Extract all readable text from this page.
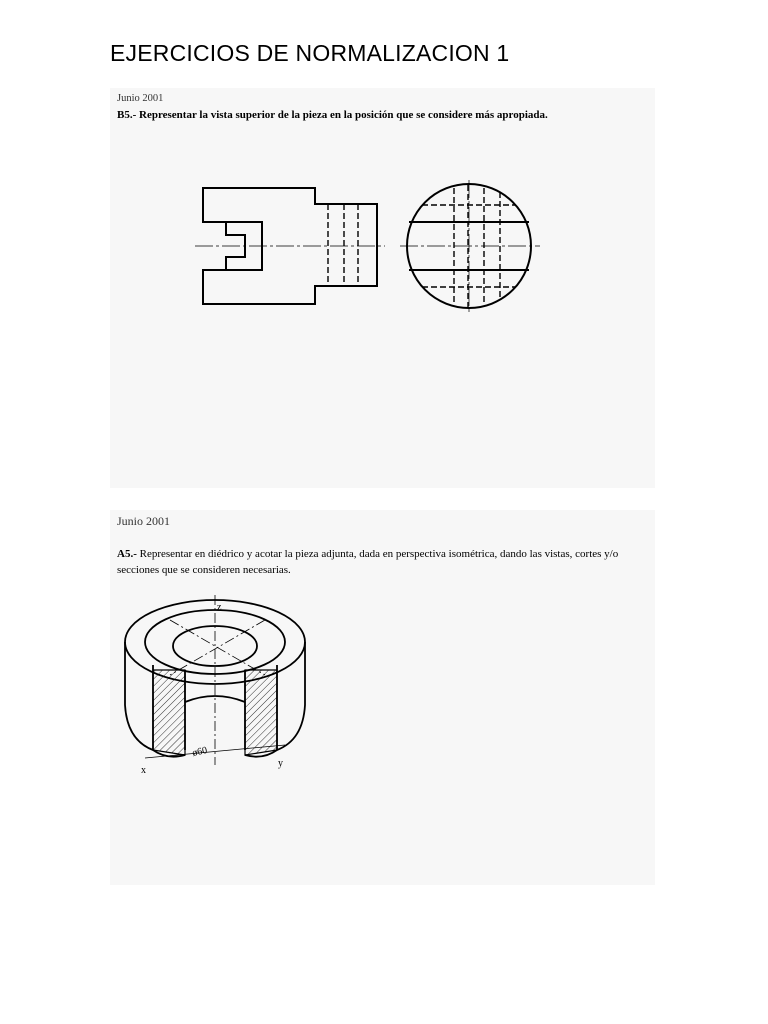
EJERCICIOS DE NORMALIZACION 1
Junio 2001
B5.- Representar la vista superior de la pieza en la posición que se considere más apropiada.
Junio 2001
A5.- Representar en diédrico y acotar la pieza adjunta, dada en perspectiva isométrica, dando las vistas, cortes y/o secciones que se consideren necesarias.
z
x
y
ø60
